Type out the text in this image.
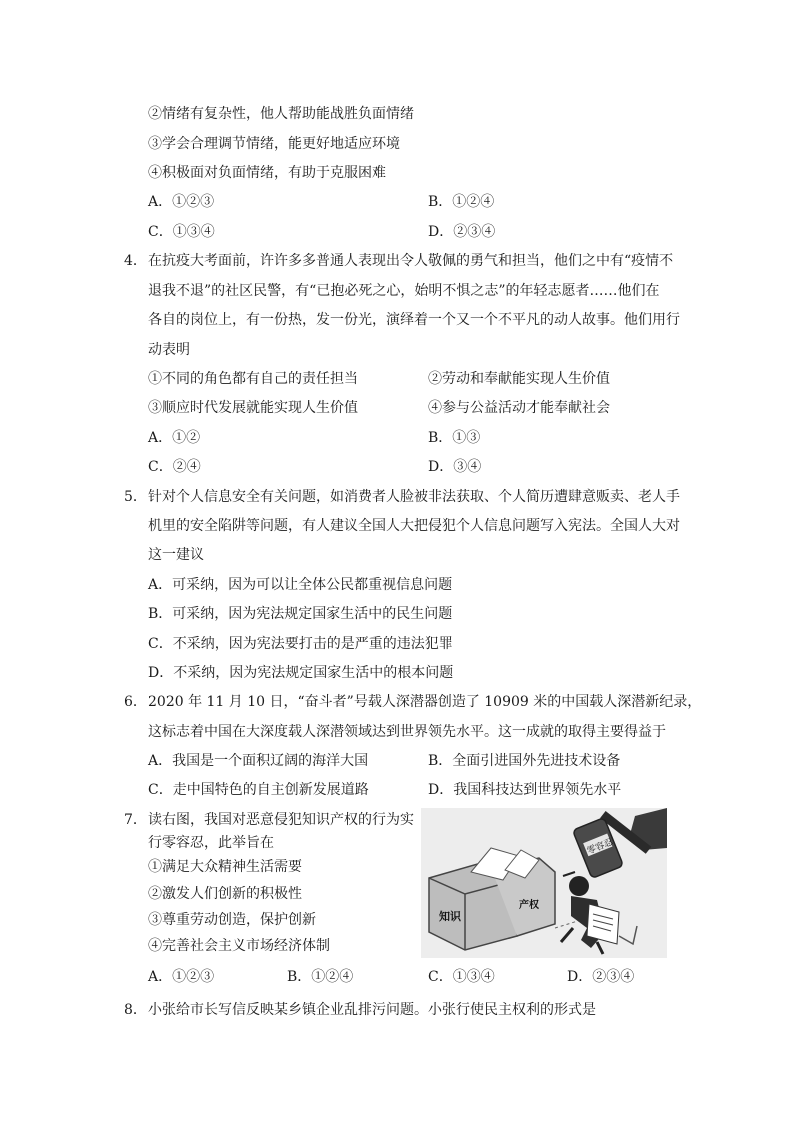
②情绪有复杂性，他人帮助能战胜负面情绪
③学会合理调节情绪，能更好地适应环境
④积极面对负面情绪，有助于克服困难
A．①②③	B．①②④
C．①③④	D．②③④
4． 在抗疫大考面前，许许多多普通人表现出令人敬佩的勇气和担当，他们之中有“疫情不
退我不退”的社区民警，有“已抱必死之心，始明不惧之志”的年轻志愿者……他们在
各自的岗位上，有一份热，发一份光，演绎着一个又一个不平凡的动人故事。他们用行
动表明
①不同的角色都有自己的责任担当	②劳动和奉献能实现人生价值
③顺应时代发展就能实现人生价值	④参与公益活动才能奉献社会
A．①②	B．①③
C．②④	D．③④
5． 针对个人信息安全有关问题，如消费者人脸被非法获取、个人简历遭肆意贩卖、老人手
机里的安全陷阱等问题，有人建议全国人大把侵犯个人信息问题写入宪法。全国人大对
这一建议
A．可采纳，因为可以让全体公民都重视信息问题
B．可采纳，因为宪法规定国家生活中的民生问题
C．不采纳，因为宪法要打击的是严重的违法犯罪
D．不采纳，因为宪法规定国家生活中的根本问题
6． 2020 年 11 月 10 日，“奋斗者”号载人深潜器创造了 10909 米的中国载人深潜新纪录，
这标志着中国在大深度载人深潜领域达到世界领先水平。这一成就的取得主要得益于
A．我国是一个面积辽阔的海洋大国	B．全面引进国外先进技术设备
C．走中国特色的自主创新发展道路	D．我国科技达到世界领先水平
7． 读右图，我国对恶意侵犯知识产权的行为实
行零容忍，此举旨在
①满足大众精神生活需要
②激发人们创新的积极性
③尊重劳动创造，保护创新
④完善社会主义市场经济体制
A．①②③	B．①②④	C．①③④	D．②③④
零容忍
知识
产权
8． 小张给市长写信反映某乡镇企业乱排污问题。小张行使民主权利的形式是
